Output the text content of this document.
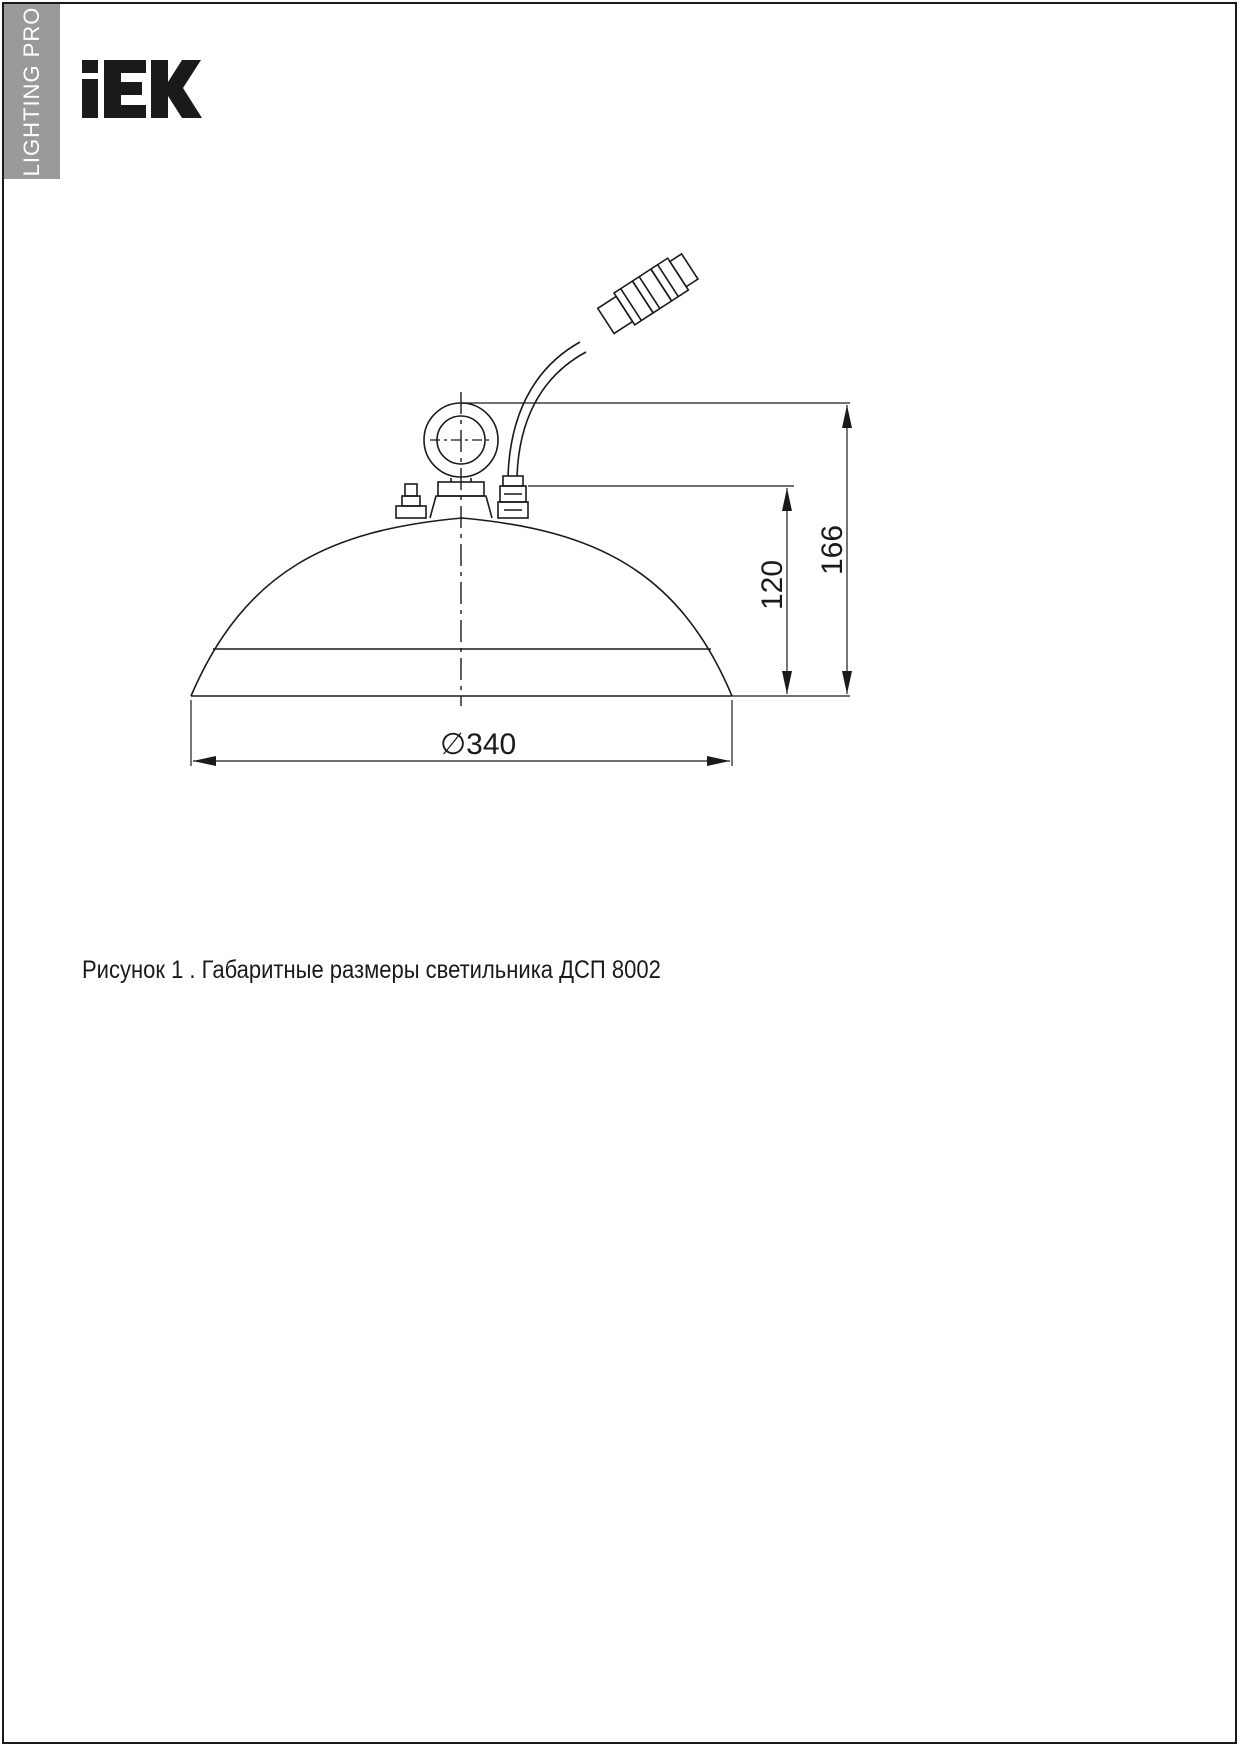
LIGHTING PRO
∅340
166
120
Рисунок 1 . Габаритные размеры светильника ДСП 8002
